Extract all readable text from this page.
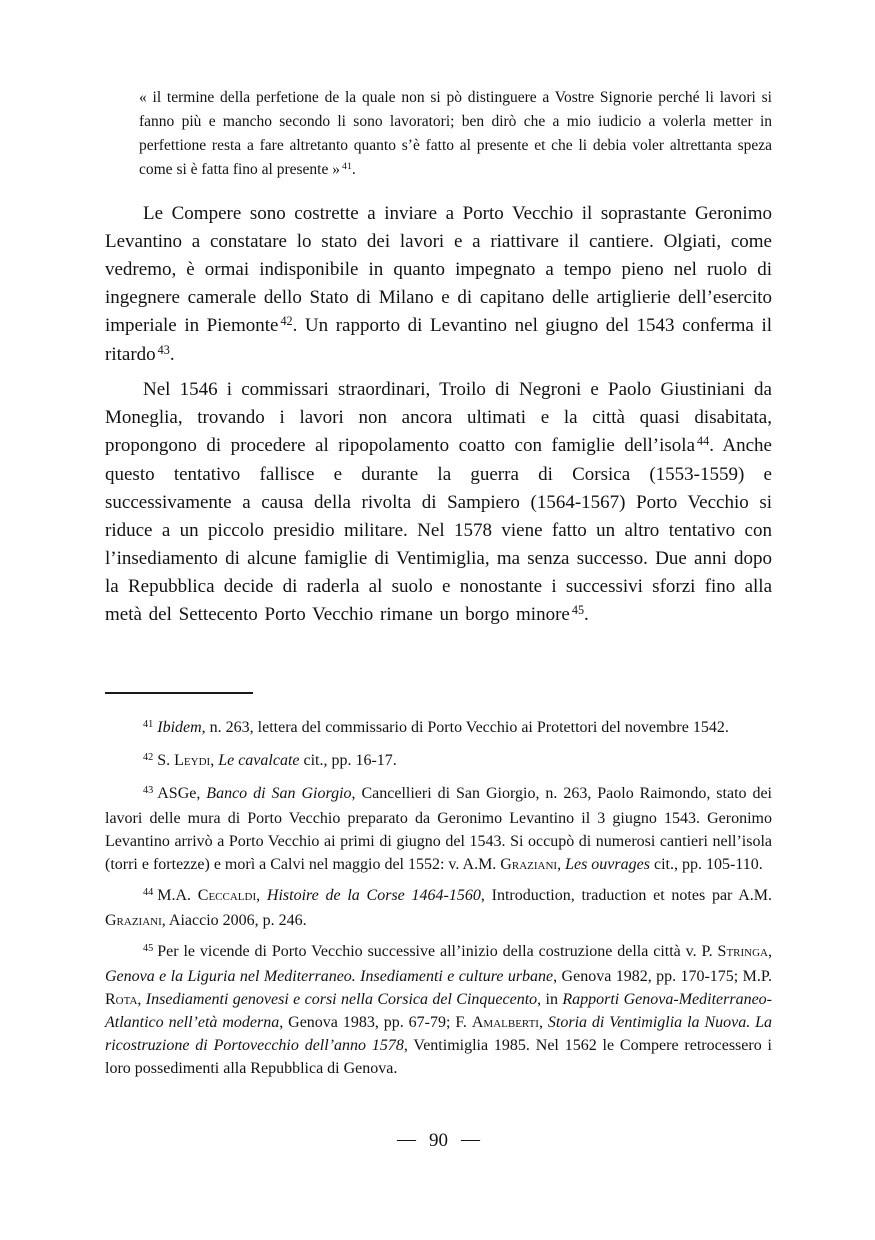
« il termine della perfetione de la quale non si pò distinguere a Vostre Signorie perché li lavori si fanno più e mancho secondo li sono lavoratori; ben dirò che a mio iudicio a volerla metter in perfettione resta a fare altretanto quanto s’è fatto al presente et che li debia voler altrettanta speza come si è fatta fino al presente » $^{41}$.

Le Compere sono costrette a inviare a Porto Vecchio il soprastante Geronimo Levantino a constatare lo stato dei lavori e a riattivare il cantiere. Olgiati, come vedremo, è ormai indisponibile in quanto impegnato a tempo pieno nel ruolo di ingegnere camerale dello Stato di Milano e di capitano delle artiglierie dell’esercito imperiale in Piemonte $^{42}$. Un rapporto di Levantino nel giugno del 1543 conferma il ritardo $^{43}$.

Nel 1546 i commissari straordinari, Troilo di Negroni e Paolo Giustiniani da Moneglia, trovando i lavori non ancora ultimati e la città quasi disabitata, propongono di procedere al ripopolamento coatto con famiglie dell’isola $^{44}$. Anche questo tentativo fallisce e durante la guerra di Corsica (1553-1559) e successivamente a causa della rivolta di Sampiero (1564-1567) Porto Vecchio si riduce a un piccolo presidio militare. Nel 1578 viene fatto un altro tentativo con l’insediamento di alcune famiglie di Ventimiglia, ma senza successo. Due anni dopo la Repubblica decide di raderla al suolo e nonostante i successivi sforzi fino alla metà del Settecento Porto Vecchio rimane un borgo minore $^{45}$.

$^{41}$ Ibidem, n. 263, lettera del commissario di Porto Vecchio ai Protettori del novembre 1542.
$^{42}$ S. Leydi, Le cavalcate cit., pp. 16-17.
$^{43}$ ASGe, Banco di San Giorgio, Cancellieri di San Giorgio, n. 263, Paolo Raimondo, stato dei lavori delle mura di Porto Vecchio preparato da Geronimo Levantino il 3 giugno 1543. Geronimo Levantino arrivò a Porto Vecchio ai primi di giugno del 1543. Si occupò di numerosi cantieri nell’isola (torri e fortezze) e morì a Calvi nel maggio del 1552: v. A.M. Graziani, Les ouvrages cit., pp. 105-110.
$^{44}$ M.A. Ceccaldi, Histoire de la Corse 1464-1560, Introduction, traduction et notes par A.M. Graziani, Aiaccio 2006, p. 246.
$^{45}$ Per le vicende di Porto Vecchio successive all’inizio della costruzione della città v. P. Stringa, Genova e la Liguria nel Mediterraneo. Insediamenti e culture urbane, Genova 1982, pp. 170-175; M.P. Rota, Insediamenti genovesi e corsi nella Corsica del Cinquecento, in Rapporti Genova-Mediterraneo-Atlantico nell’età moderna, Genova 1983, pp. 67-79; F. Amalberti, Storia di Ventimiglia la Nuova. La ricostruzione di Portovecchio dell’anno 1578, Ventimiglia 1985. Nel 1562 le Compere retrocessero i loro possedimenti alla Repubblica di Genova.
— 90 —
